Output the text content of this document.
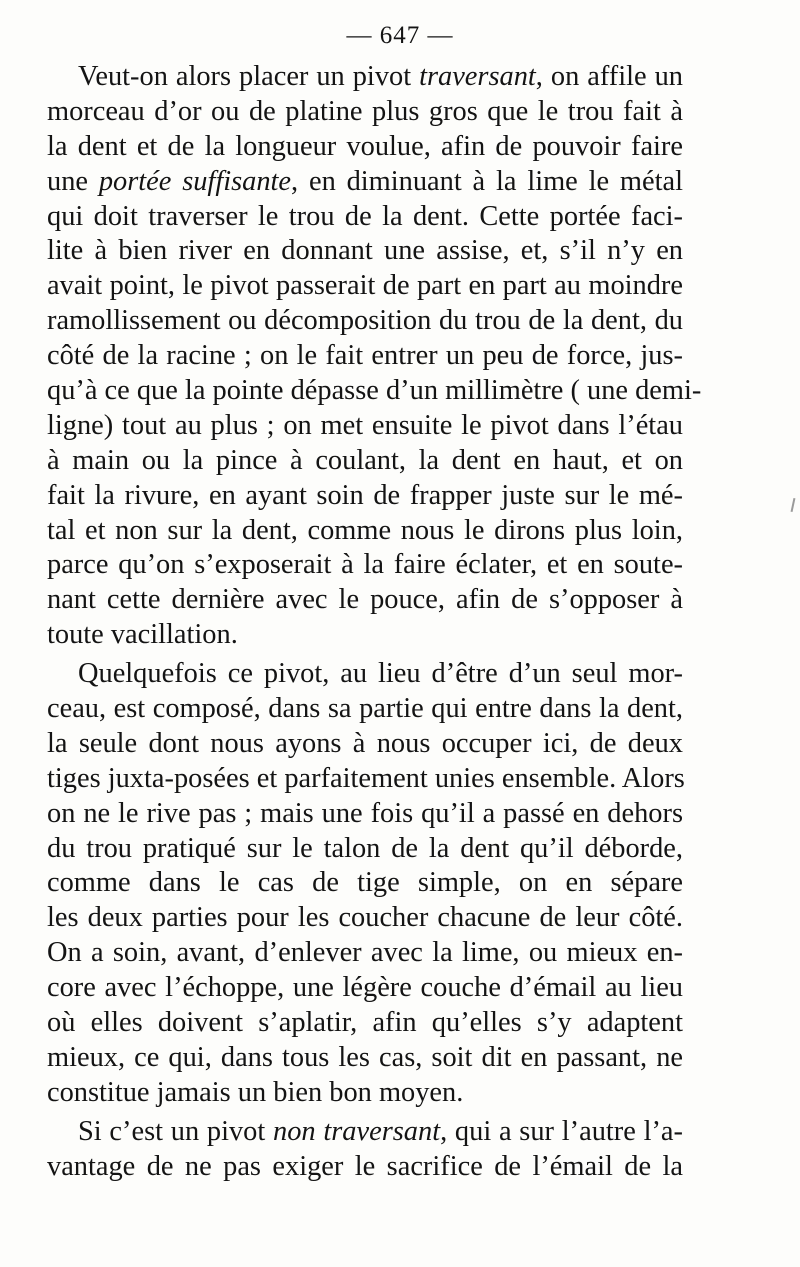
— 647 —
Veut-on alors placer un pivot traversant, on affile un
morceau d’or ou de platine plus gros que le trou fait à
la dent et de la longueur voulue, afin de pouvoir faire
une portée suffisante, en diminuant à la lime le métal
qui doit traverser le trou de la dent. Cette portée faci-
lite à bien river en donnant une assise, et, s’il n’y en
avait point, le pivot passerait de part en part au moindre
ramollissement ou décomposition du trou de la dent, du
côté de la racine ; on le fait entrer un peu de force, jus-
qu’à ce que la pointe dépasse d’un millimètre ( une demi-
ligne) tout au plus ; on met ensuite le pivot dans l’étau
à main ou la pince à coulant, la dent en haut, et on
fait la rivure, en ayant soin de frapper juste sur le mé-
tal et non sur la dent, comme nous le dirons plus loin,
parce qu’on s’exposerait à la faire éclater, et en soute-
nant cette dernière avec le pouce, afin de s’opposer à
toute vacillation.
Quelquefois ce pivot, au lieu d’être d’un seul mor-
ceau, est composé, dans sa partie qui entre dans la dent,
la seule dont nous ayons à nous occuper ici, de deux
tiges juxta-posées et parfaitement unies ensemble. Alors
on ne le rive pas ; mais une fois qu’il a passé en dehors
du trou pratiqué sur le talon de la dent qu’il déborde,
comme dans le cas de tige simple, on en sépare
les deux parties pour les coucher chacune de leur côté.
On a soin, avant, d’enlever avec la lime, ou mieux en-
core avec l’échoppe, une légère couche d’émail au lieu
où elles doivent s’aplatir, afin qu’elles s’y adaptent
mieux, ce qui, dans tous les cas, soit dit en passant, ne
constitue jamais un bien bon moyen.
Si c’est un pivot non traversant, qui a sur l’autre l’a-
vantage de ne pas exiger le sacrifice de l’émail de la
